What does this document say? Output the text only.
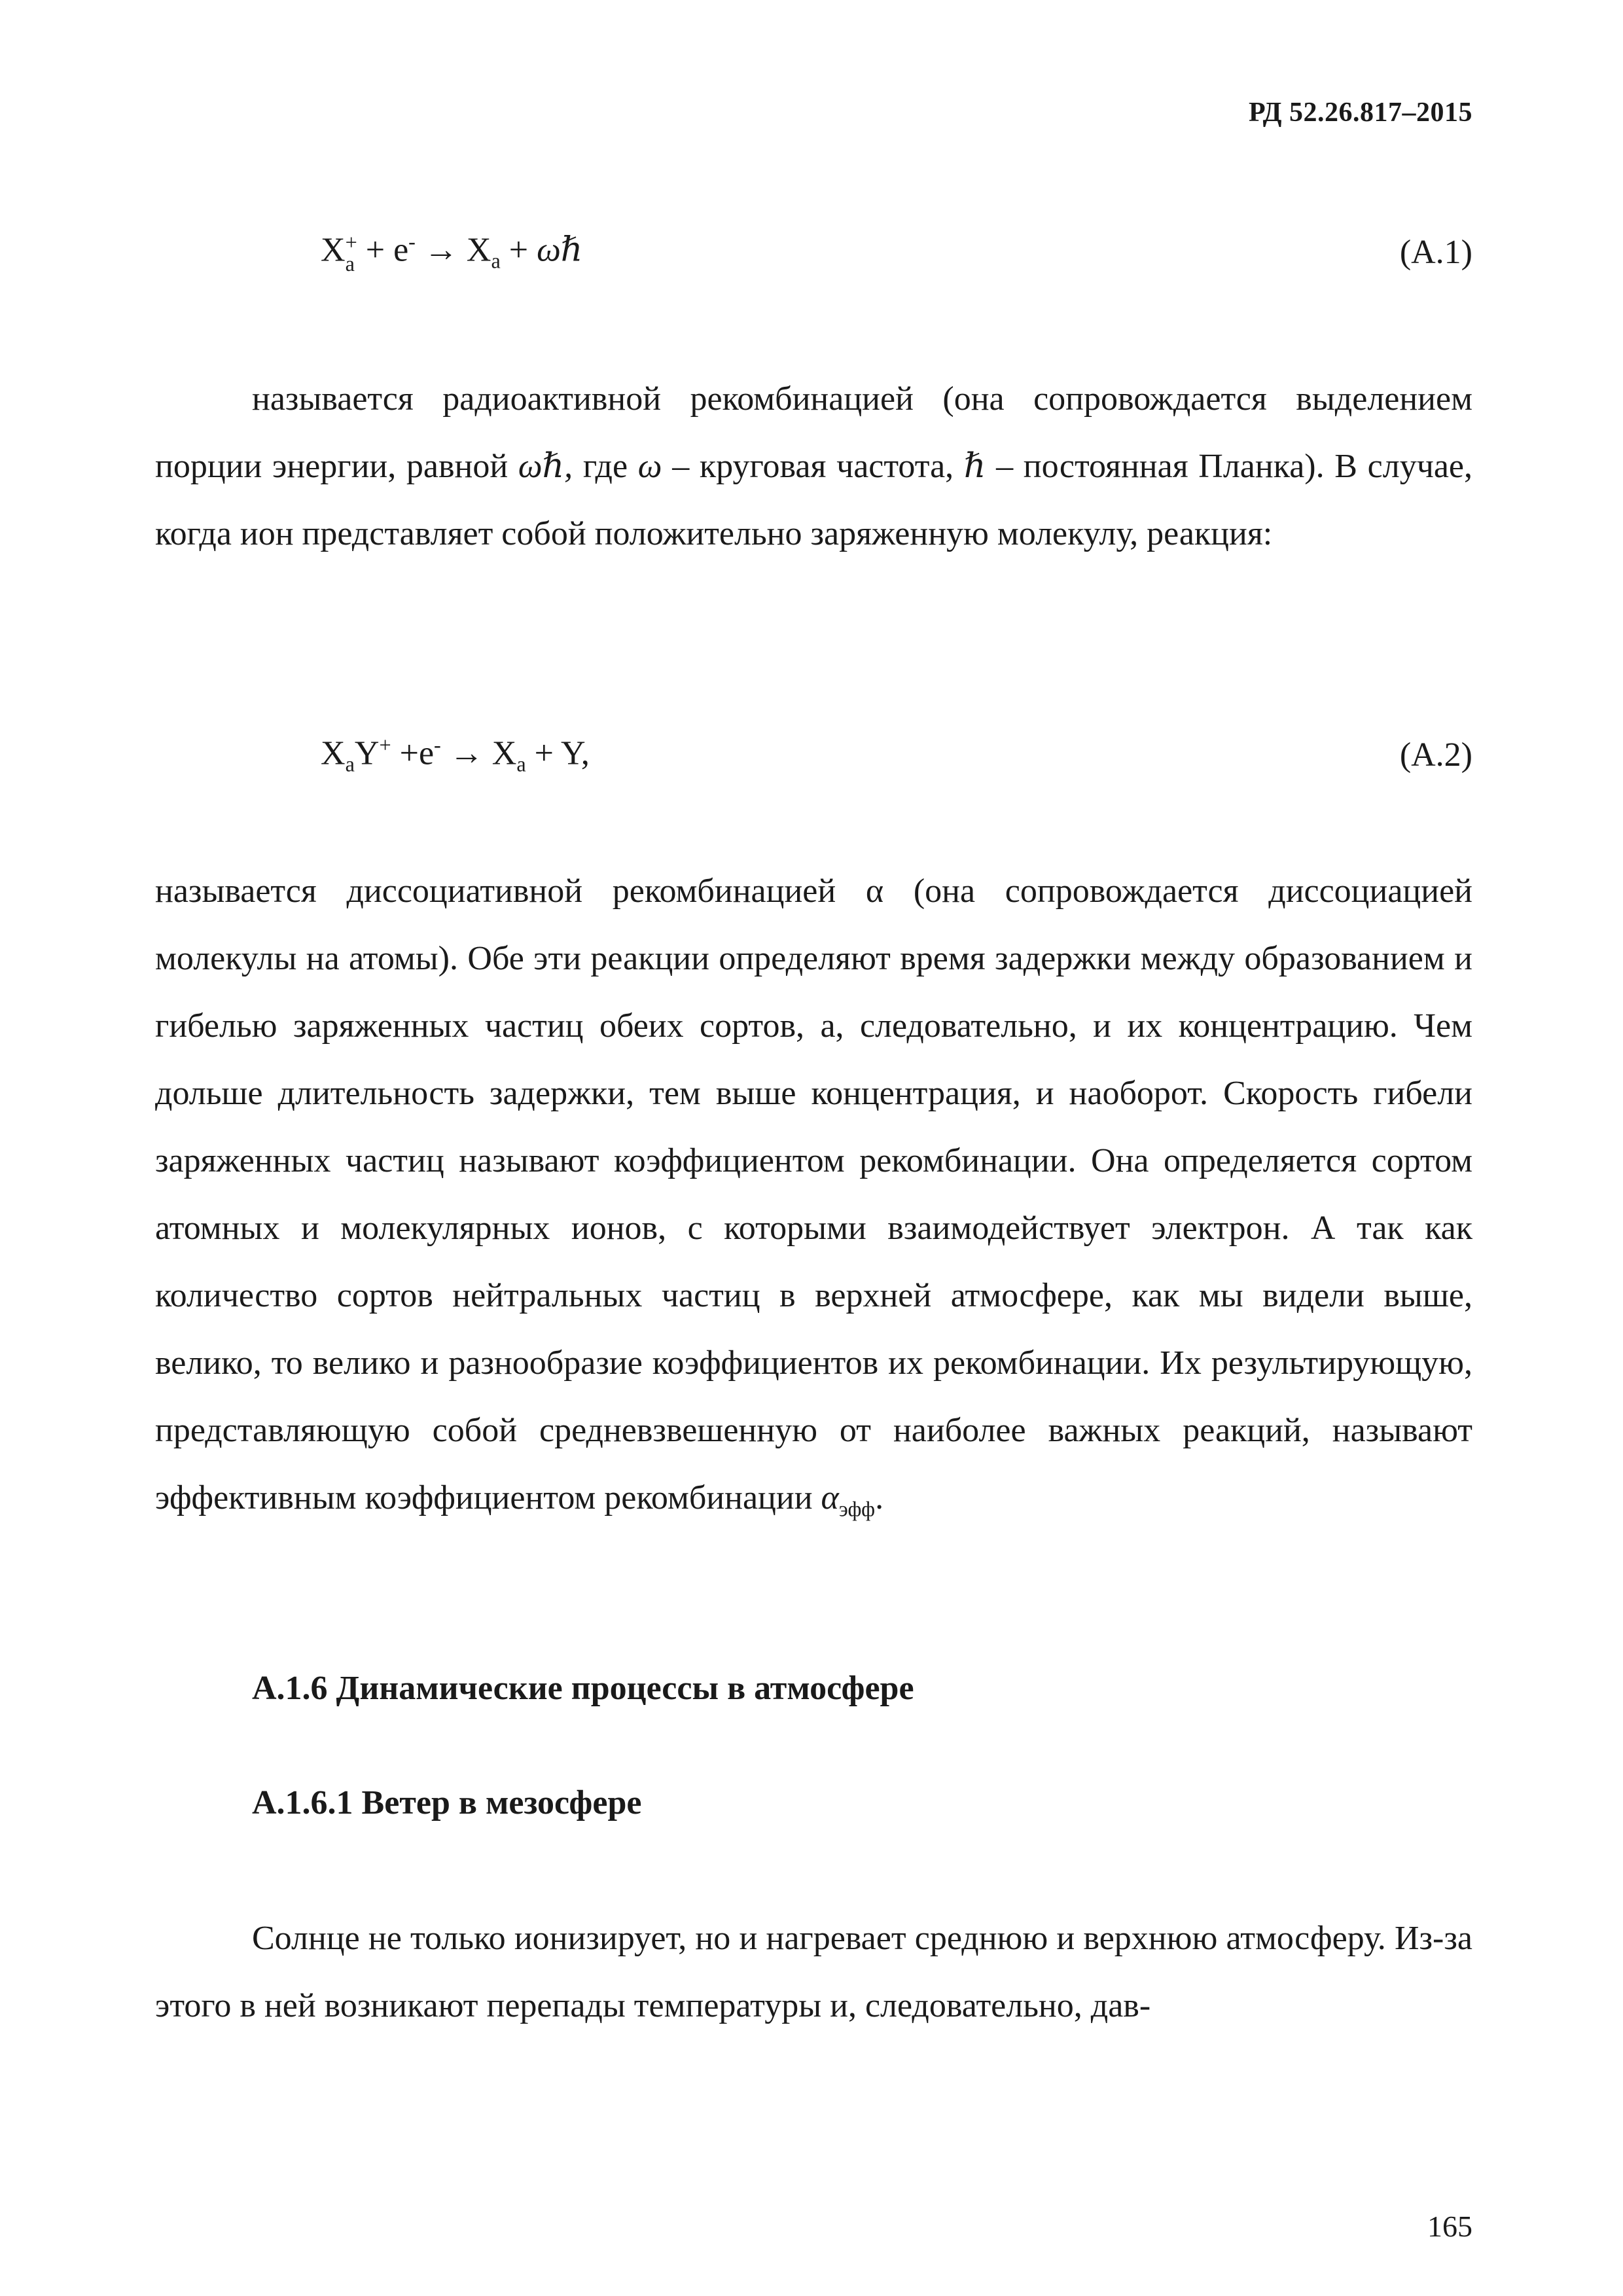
РД 52.26.817–2015
X +
$a + e^- \to X_a$ + ωℏ	(A.1)

называется радиоактивной рекомбинацией (она сопровождается выделением порции энергии, равной ωℏ, где ω – круговая частота, ℏ – постоянная Планка). В случае, когда ион представляет собой положительно заряженную молекулу, реакция:

$X_aY^+ +e^- \to X_a + Y$,	(A.2)

называется диссоциативной рекомбинацией α (она сопровождается диссоциацией молекулы на атомы). Обе эти реакции определяют время задержки между образованием и гибелью заряженных частиц обеих сортов, а, следовательно, и их концентрацию. Чем дольше длительность задержки, тем выше концентрация, и наоборот. Скорость гибели заряженных частиц называют коэффициентом рекомбинации. Она определяется сортом атомных и молекулярных ионов, с которыми взаимодействует электрон. А так как количество сортов нейтральных частиц в верхней атмосфере, как мы видели выше, велико, то велико и разнообразие коэффициентов их рекомбинации. Их результирующую, представляющую собой средневзвешенную от наиболее важных реакций, называют эффективным коэффициентом рекомбинации $\alpha_{эфф}$.

А.1.6 Динамические процессы в атмосфере
А.1.6.1 Ветер в мезосфере

Солнце не только ионизирует, но и нагревает среднюю и верхнюю атмосферу. Из-за этого в ней возникают перепады температуры и, следовательно, дав-

165
